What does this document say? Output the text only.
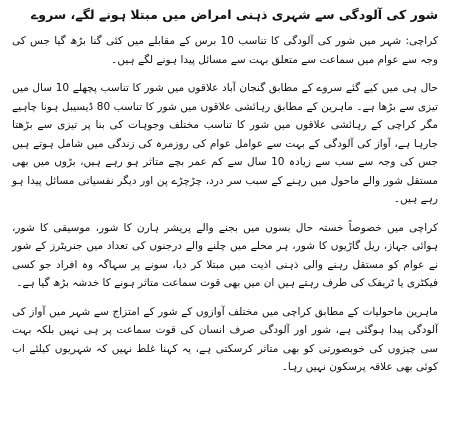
شور کی آلودگی سے شہری ذہنی امراض میں مبتلا ہونے لگے، سروے

کراچی: شہر میں شور کی آلودگی کا تناسب 10 برس کے مقابلے میں کئی گنا بڑھ گیا جس کی وجہ سے عوام میں سماعت سے متعلق بہت سے مسائل پیدا ہونے لگے ہیں۔

حال ہی میں کیے گئے سروے کے مطابق گنجان آباد علاقوں میں شور کا تناسب پچھلے 10 سال میں تیزی سے بڑھا ہے۔ ماہرین کے مطابق رہائشی علاقوں میں شور کا تناسب 80 ڈیسیبل ہونا چاہیے مگر کراچی کے رہائشی علاقوں میں شور کا تناسب مختلف وجوہات کی بنا پر تیزی سے بڑھتا جارہا ہے، آواز کی آلودگی کے بہت سے عوامل عوام کی روزمرہ کی زندگی میں شامل ہوتے ہیں جس کی وجہ سے سب سے زیادہ 10 سال سے کم عمر بچے متاثر ہو رہے ہیں، بڑوں میں بھی مستقل شور والے ماحول میں رہنے کے سبب سر درد، چڑچڑے پن اور دیگر نفسیاتی مسائل پیدا ہو رہے ہیں۔

کراچی میں خصوصاً خستہ حال بسوں میں بجنے والے پریشر ہارن کا شور، موسیقی کا شور، ہوائی جہاز، ریل گاڑیوں کا شور، ہر محلے میں چلنے والے درجنوں کی تعداد میں جنریٹرز کے شور نے عوام کو مستقل رہنے والی ذہنی اذیت میں مبتلا کر دیا، سونے پر سہاگہ وہ افراد جو کسی فیکٹری یا ٹریفک کی طرف رہتے ہیں ان میں بھی قوت سماعت متاثر ہونے کا خدشہ بڑھ گیا ہے۔

ماہرین ماحولیات کے مطابق کراچی میں مختلف آوازوں کے شور کے امتزاج سے شہر میں آواز کی آلودگی پیدا ہوگئی ہے، شور اور آلودگی صرف انسان کی قوت سماعت پر ہی نہیں بلکہ بہت سی چیزوں کی خوبصورتی کو بھی متاثر کرسکتی ہے، یہ کہنا غلط نہیں کہ شہریوں کیلئے اب کوئی بھی علاقہ پرسکون نہیں رہا۔
